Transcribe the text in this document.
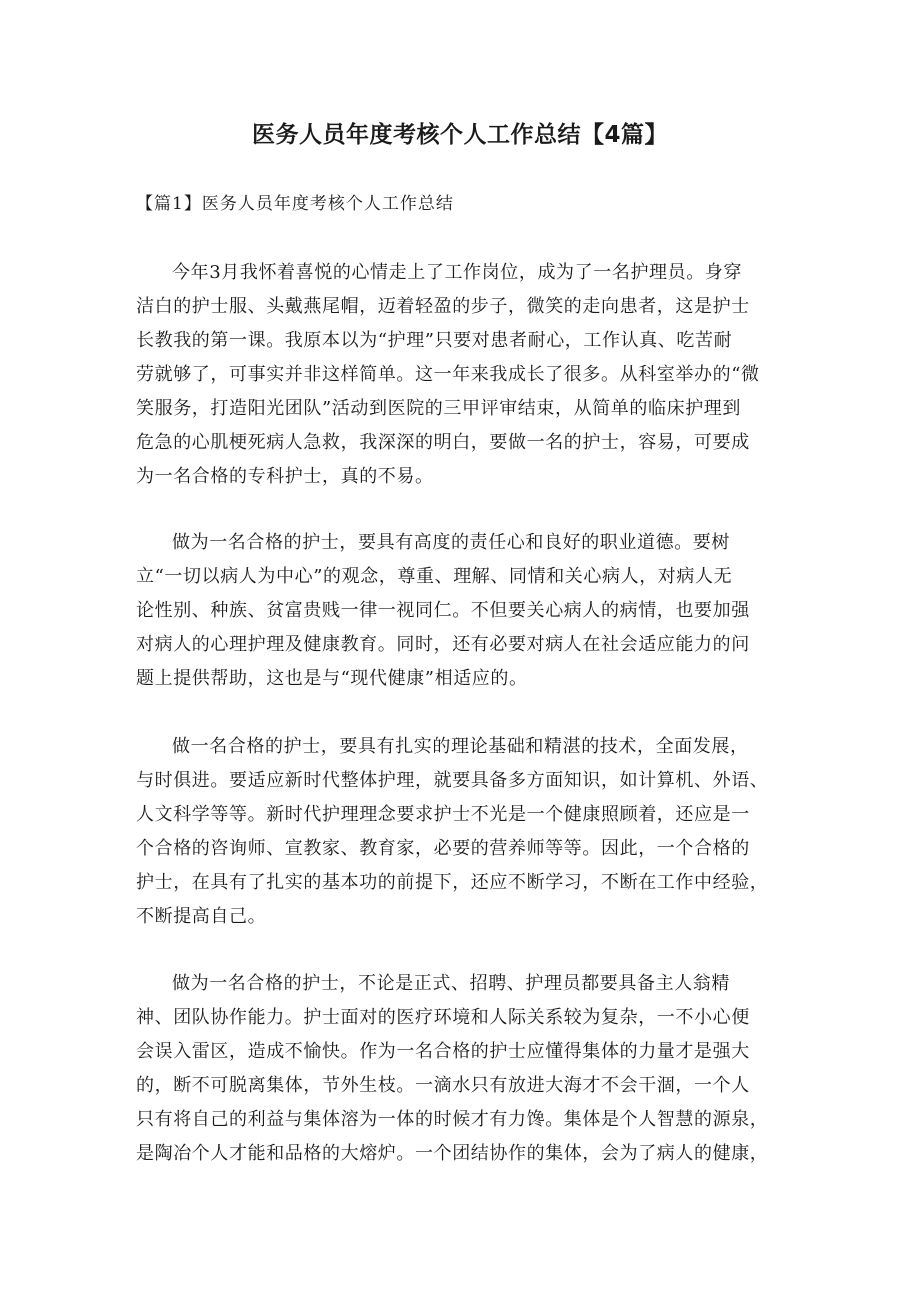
医务人员年度考核个人工作总结【4篇】

【篇1】医务人员年度考核个人工作总结

今年3月我怀着喜悦的心情走上了工作岗位，成为了一名护理员。身穿
洁白的护士服、头戴燕尾帽，迈着轻盈的步子，微笑的走向患者，这是护士
长教我的第一课。我原本以为“护理”只要对患者耐心，工作认真、吃苦耐
劳就够了，可事实并非这样简单。这一年来我成长了很多。从科室举办的“微
笑服务，打造阳光团队”活动到医院的三甲评审结束，从简单的临床护理到
危急的心肌梗死病人急救，我深深的明白，要做一名的护士，容易，可要成
为一名合格的专科护士，真的不易。
做为一名合格的护士，要具有高度的责任心和良好的职业道德。要树
立“一切以病人为中心”的观念，尊重、理解、同情和关心病人，对病人无
论性别、种族、贫富贵贱一律一视同仁。不但要关心病人的病情，也要加强
对病人的心理护理及健康教育。同时，还有必要对病人在社会适应能力的问
题上提供帮助，这也是与“现代健康”相适应的。
做一名合格的护士，要具有扎实的理论基础和精湛的技术，全面发展，
与时俱进。要适应新时代整体护理，就要具备多方面知识，如计算机、外语、
人文科学等等。新时代护理理念要求护士不光是一个健康照顾着，还应是一
个合格的咨询师、宣教家、教育家，必要的营养师等等。因此，一个合格的
护士，在具有了扎实的基本功的前提下，还应不断学习，不断在工作中经验，
不断提高自己。
做为一名合格的护士，不论是正式、招聘、护理员都要具备主人翁精
神、团队协作能力。护士面对的医疗环境和人际关系较为复杂，一不小心便
会误入雷区，造成不愉快。作为一名合格的护士应懂得集体的力量才是强大
的，断不可脱离集体，节外生枝。一滴水只有放进大海才不会干涸，一个人
只有将自己的利益与集体溶为一体的时候才有力馋。集体是个人智慧的源泉，
是陶冶个人才能和品格的大熔炉。一个团结协作的集体，会为了病人的健康，
